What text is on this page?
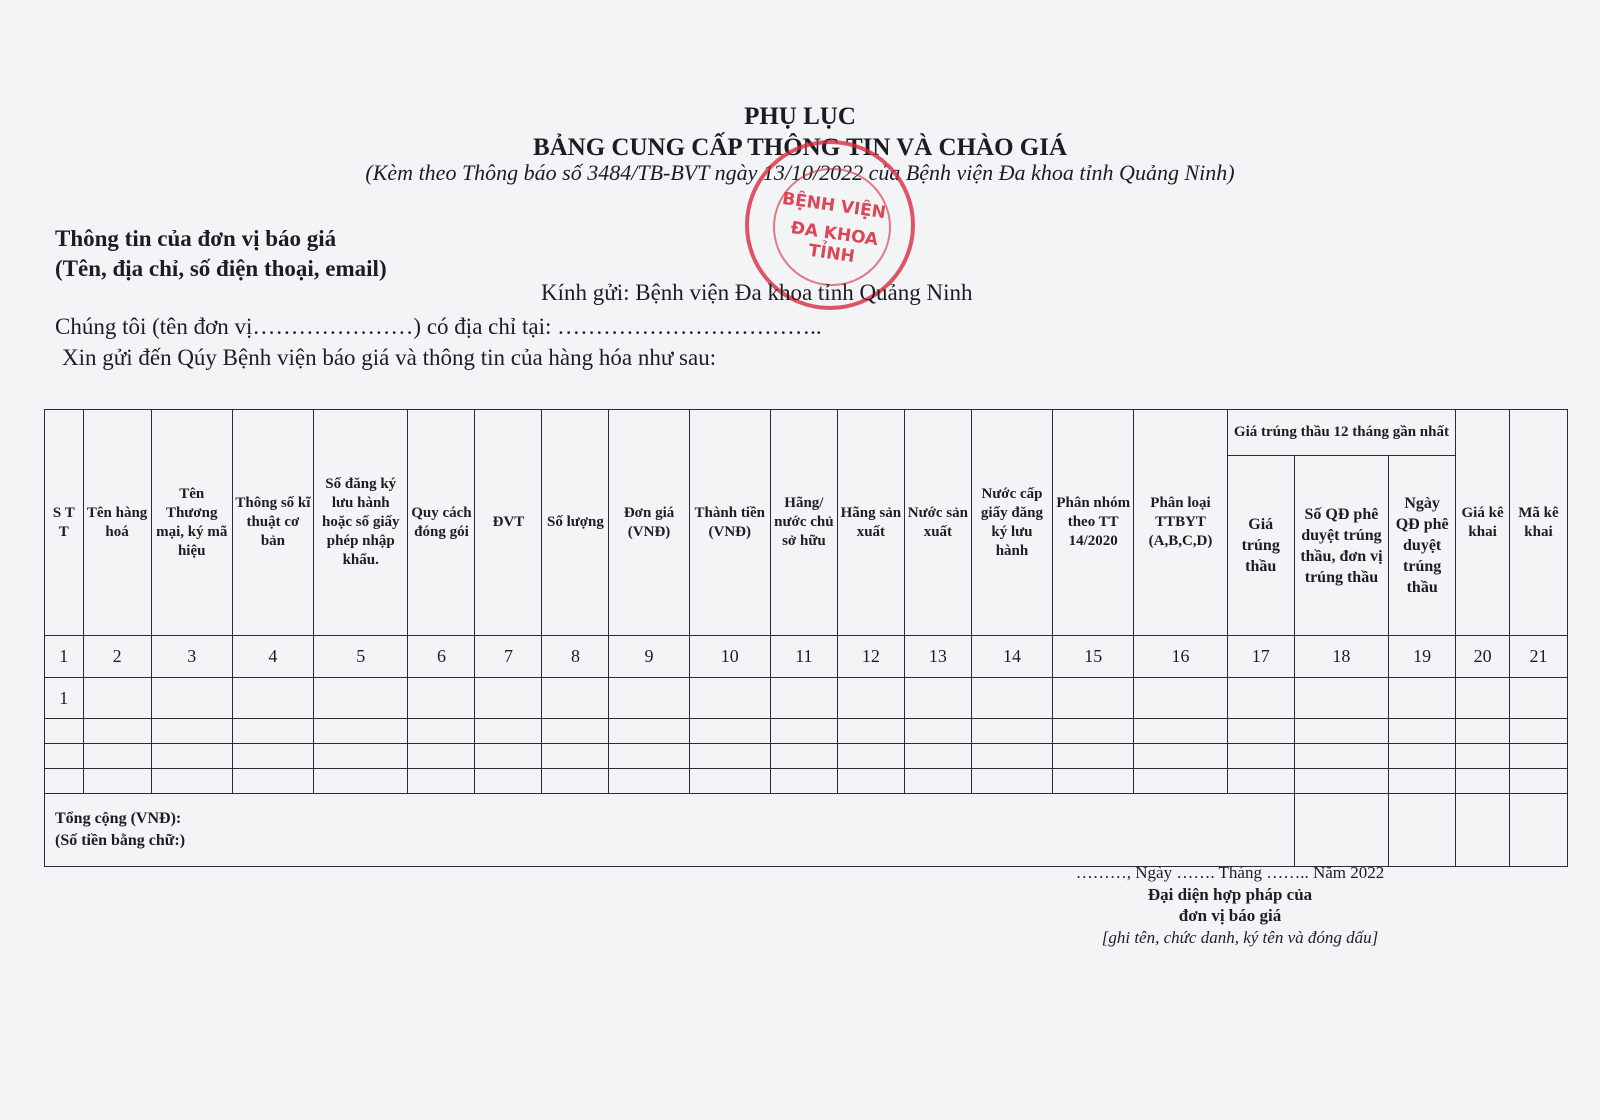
PHỤ LỤC
BẢNG CUNG CẤP THÔNG TIN VÀ CHÀO GIÁ
(Kèm theo Thông báo số 3484/TB-BVT ngày 13/10/2022 của Bệnh viện Đa khoa tỉnh Quảng Ninh)
BỆNH VIỆN
ĐA KHOA TỈNH
Thông tin của đơn vị báo giá
(Tên, địa chỉ, số điện thoại, email)
Kính gửi: Bệnh viện Đa khoa tỉnh Quảng Ninh
Chúng tôi (tên đơn vị…………………) có địa chỉ tại: ……………………………..
Xin gửi đến Qúy Bệnh viện báo giá và thông tin của hàng hóa như sau:
S T T	Tên hàng hoá	Tên Thương mại, ký mã hiệu	Thông số kĩ thuật cơ bản	Số đăng ký lưu hành hoặc số giấy phép nhập khẩu.	Quy cách đóng gói	ĐVT	Số lượng	Đơn giá (VNĐ)	Thành tiền (VNĐ)	Hãng/ nước chủ sở hữu	Hãng sản xuất	Nước sản xuất	Nước cấp giấy đăng ký lưu hành	Phân nhóm theo TT 14/2020	Phân loại TTBYT (A,B,C,D)	Giá trúng thầu 12 tháng gần nhất			Giá kê khai	Mã kê khai
																Giá trúng thầu	Số QĐ phê duyệt trúng thầu, đơn vị trúng thầu	Ngày QĐ phê duyệt trúng thầu		
1	2	3	4	5	6	7	8	9	10	11	12	13	14	15	16	17	18	19	20	21
1																				

Tổng cộng (VNĐ):
(Số tiền bằng chữ:)																				

………, Ngày ……. Tháng …….. Năm 2022
Đại diện hợp pháp của
đơn vị báo giá
[ghi tên, chức danh, ký tên và đóng dấu]
